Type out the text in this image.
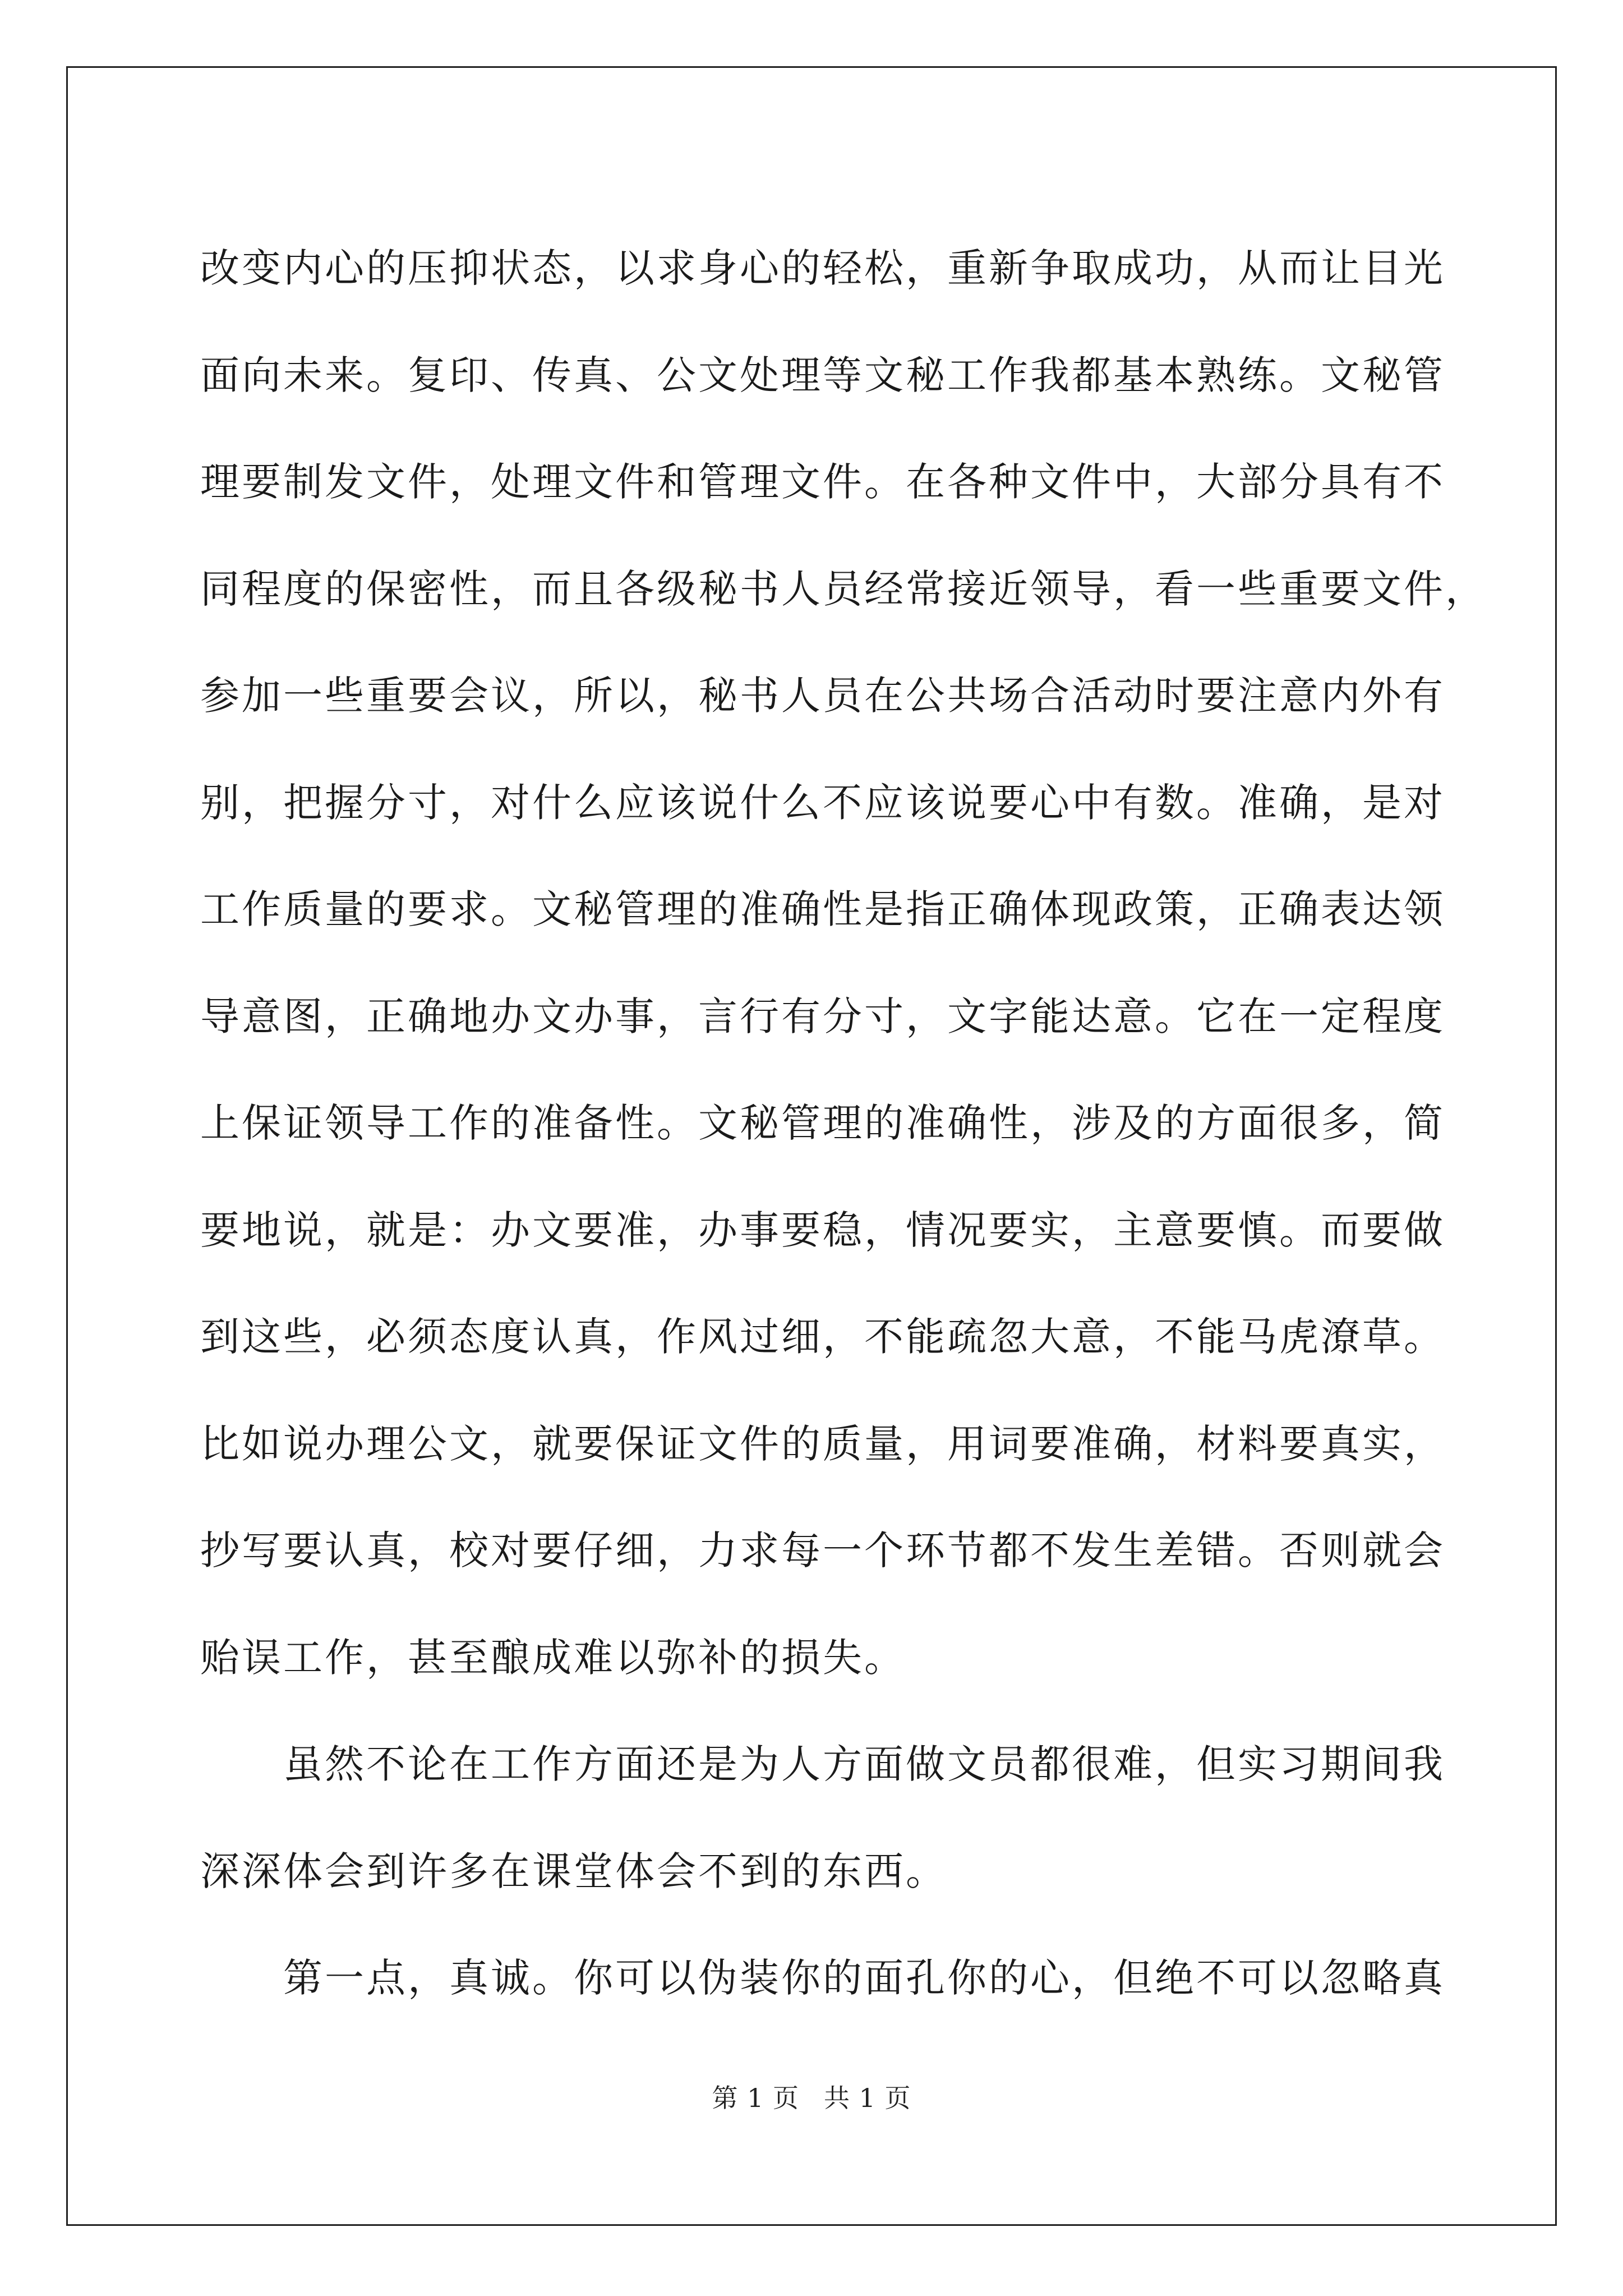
改变内心的压抑状态，以求身心的轻松，重新争取成功，从而让目光
面向未来。复印、传真、公文处理等文秘工作我都基本熟练。文秘管
理要制发文件，处理文件和管理文件。在各种文件中，大部分具有不
同程度的保密性，而且各级秘书人员经常接近领导，看一些重要文件，
参加一些重要会议，所以，秘书人员在公共场合活动时要注意内外有
别，把握分寸，对什么应该说什么不应该说要心中有数。准确，是对
工作质量的要求。文秘管理的准确性是指正确体现政策，正确表达领
导意图，正确地办文办事，言行有分寸，文字能达意。它在一定程度
上保证领导工作的准备性。文秘管理的准确性，涉及的方面很多，简
要地说，就是：办文要准，办事要稳，情况要实，主意要慎。而要做
到这些，必须态度认真，作风过细，不能疏忽大意，不能马虎潦草。
比如说办理公文，就要保证文件的质量，用词要准确，材料要真实，
抄写要认真，校对要仔细，力求每一个环节都不发生差错。否则就会
贻误工作，甚至酿成难以弥补的损失。
虽然不论在工作方面还是为人方面做文员都很难，但实习期间我
深深体会到许多在课堂体会不到的东西。
第一点，真诚。你可以伪装你的面孔你的心，但绝不可以忽略真
第 1 页 共 1 页
